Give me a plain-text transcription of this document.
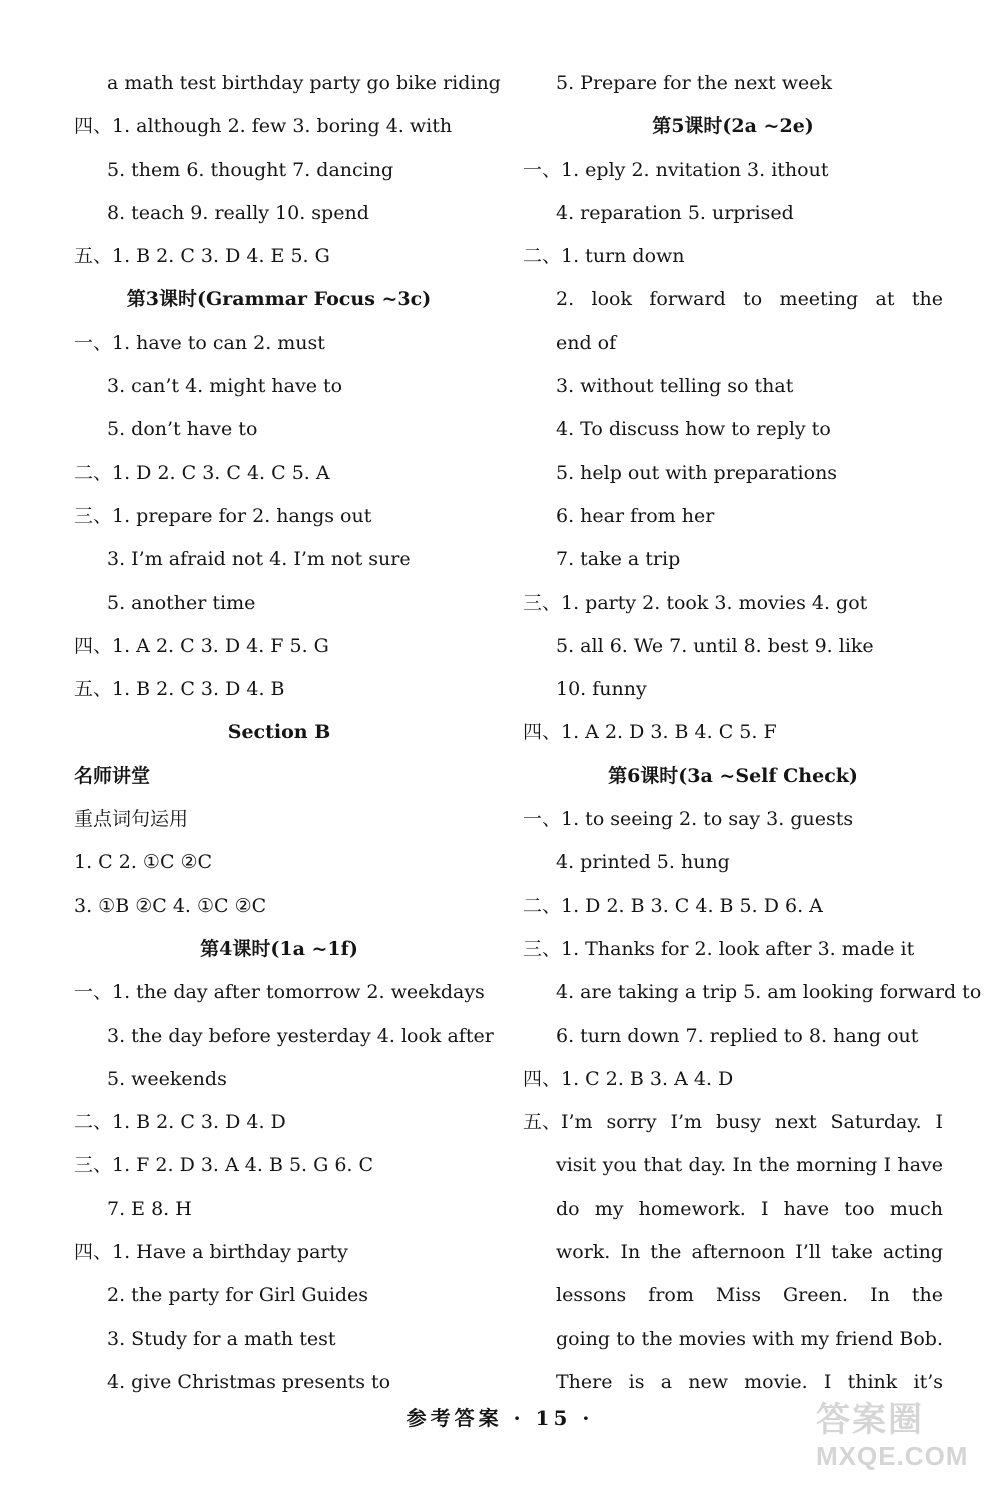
a math test birthday party go bike riding
四、1. although 2. few 3. boring 4. with
5. them 6. thought 7. dancing
8. teach 9. really 10. spend
五、1. B 2. C 3. D 4. E 5. G
第3课时(Grammar Focus ~3c)
一、1. have to can 2. must
3. can’t 4. might have to
5. don’t have to
二、1. D 2. C 3. C 4. C 5. A
三、1. prepare for 2. hangs out
3. I’m afraid not 4. I’m not sure
5. another time
四、1. A 2. C 3. D 4. F 5. G
五、1. B 2. C 3. D 4. B
Section B
名师讲堂
重点词句运用
1. C 2. ①C ②C
3. ①B ②C 4. ①C ②C
第4课时(1a ~1f)
一、1. the day after tomorrow 2. weekdays
3. the day before yesterday 4. look after
5. weekends
二、1. B 2. C 3. D 4. D
三、1. F 2. D 3. A 4. B 5. G 6. C
7. E 8. H
四、1. Have a birthday party
2. the party for Girl Guides
3. Study for a math test
4. give Christmas presents to
5. Prepare for the next week
第5课时(2a ~2e)
一、1. eply 2. nvitation 3. ithout
4. reparation 5. urprised
二、1. turn down
2. look forward to meeting at the
end of
3. without telling so that
4. To discuss how to reply to
5. help out with preparations
6. hear from her
7. take a trip
三、1. party 2. took 3. movies 4. got
5. all 6. We 7. until 8. best 9. like
10. funny
四、1. A 2. D 3. B 4. C 5. F
第6课时(3a ~Self Check)
一、1. to seeing 2. to say 3. guests
4. printed 5. hung
二、1. D 2. B 3. C 4. B 5. D 6. A
三、1. Thanks for 2. look after 3. made it
4. are taking a trip 5. am looking forward to
6. turn down 7. replied to 8. hang out
四、1. C 2. B 3. A 4. D
五、I’m sorry I’m busy next Saturday. I
visit you that day. In the morning I have
do my homework. I have too much
work. In the afternoon I’ll take acting
lessons from Miss Green. In the
going to the movies with my friend Bob.
There is a new movie. I think it’s
参考答案 · 15 ·	答案圈
MXQE.COM
